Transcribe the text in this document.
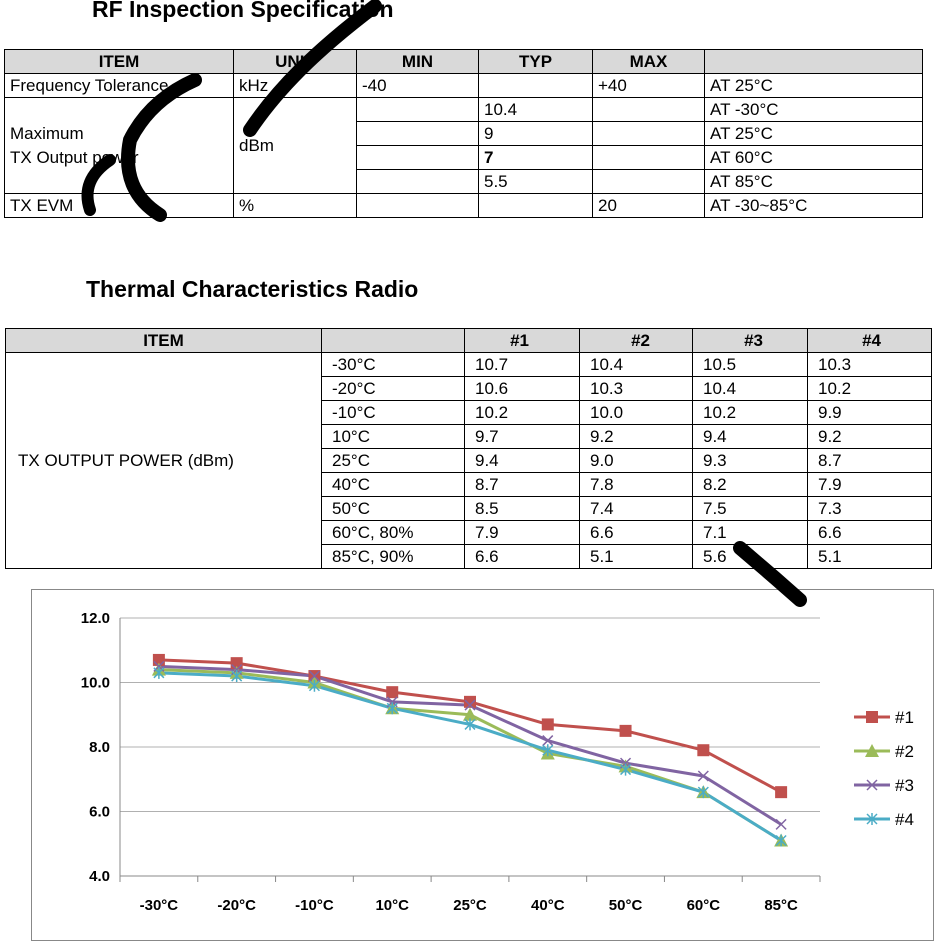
RF Inspection Specification
ITEM	UNIT	MIN	TYP	MAX	
Frequency Tolerance	kHz	-40		+40	AT 25°C

Maximum
TX Output power	dBm		10.4		AT -30°C
			9		AT 25°C
			7		AT 60°C
			5.5		AT 85°C
TX EVM	%			20	AT -30~85°C
Thermal Characteristics Radio
ITEM		#1	#2	#3	#4
TX OUTPUT POWER (dBm)	-30°C	10.7	10.4	10.5	10.3
	-20°C	10.6	10.3	10.4	10.2
	-10°C	10.2	10.0	10.2	9.9
	10°C	9.7	9.2	9.4	9.2
	25°C	9.4	9.0	9.3	8.7
	40°C	8.7	7.8	8.2	7.9
	50°C	8.5	7.4	7.5	7.3
	60°C, 80%	7.9	6.6	7.1	6.6
	85°C, 90%	6.6	5.1	5.6	5.1
4.0
6.0
8.0
10.0
12.0
-30°C	-20°C	-10°C	10°C	25°C	40°C	50°C	60°C	85°C
#1
#2
#3
#4
